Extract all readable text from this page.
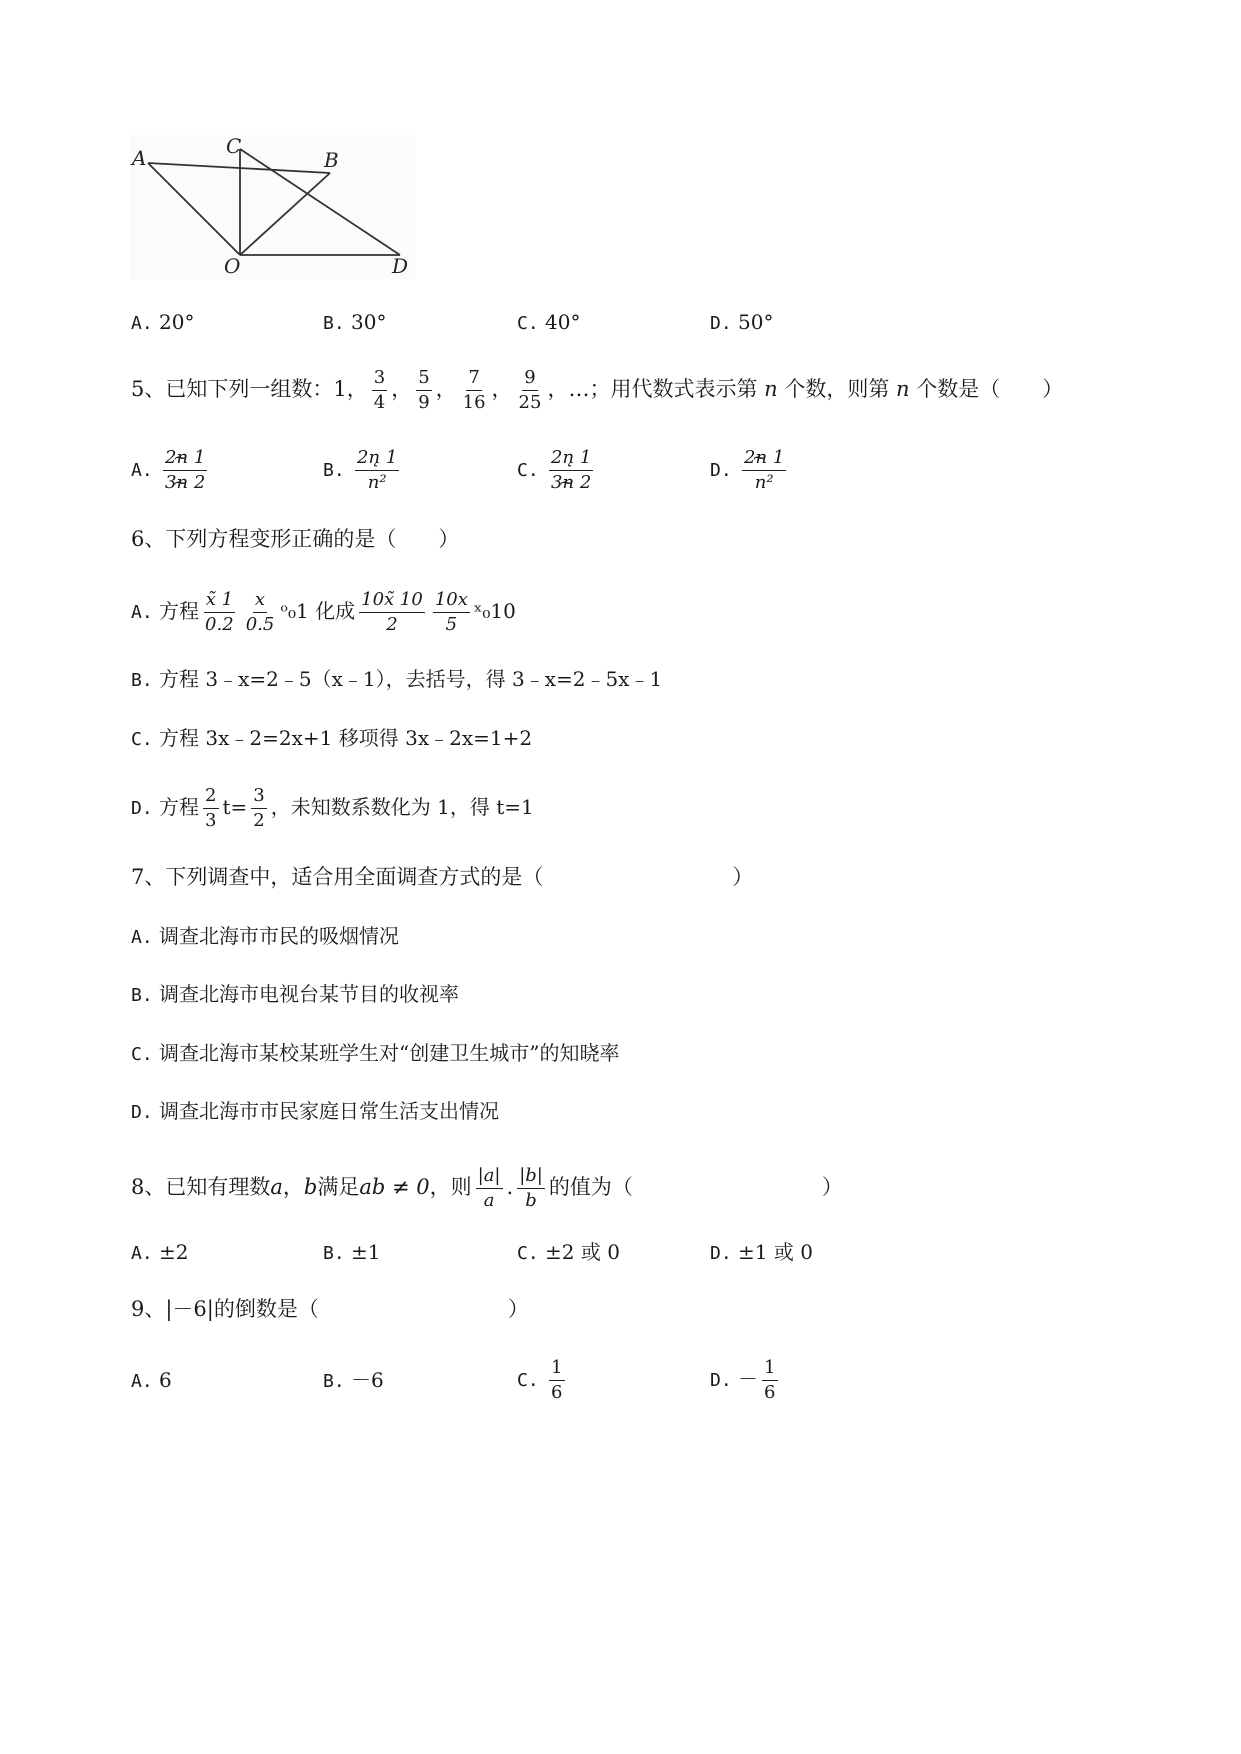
A	C
B
O	D
A. 20°	B. 30°	C. 40°	D. 50°
5、已知下列一组数：1， $\frac{3}{4}$ ， $\frac{5}{9}$ ， $\frac{7}{16}$ ， $\frac{9}{25}$ ，…；用代数式表示第 n 个数，则第 n 个数是（　　）
A. $\frac{2n̴ 1}{3n̴ 2}$	B. $\frac{2n̨ 1}{\text{n²}}$	C. $\frac{2n̨ 1}{3n̴ 2}$	D. $\frac{2n̴ 1}{\text{n²}}$
6、下列方程变形正确的是（　　）
A. 方程 $\frac{x̃ 1}{0.2} \frac{x}{0.5}$ ᵒ₀1 化成 $\frac{10x̃ 10}{2} \frac{10x}{5}$ ˣ₀10
B. 方程 3﹣x=2﹣5（x﹣1），去括号，得 3﹣x=2﹣5x﹣1
C. 方程 3x﹣2=2x+1 移项得 3x﹣2x=1+2
D. 方程 $\frac{2}{3} t= \frac{3}{2}$ ，未知数系数化为 1，得 t=1
7、下列调查中，适合用全面调查方式的是（　　　　　　　　　）
A. 调查北海市市民的吸烟情况
B. 调查北海市电视台某节目的收视率
C. 调查北海市某校某班学生对“创建卫生城市”的知晓率
D. 调查北海市市民家庭日常生活支出情况
8、已知有理数a，b满足ab ≠ 0，则 $\frac{|a|}{a}$ . $\frac{|b|}{b}$ 的值为（　　　　　　　　　）
A. ±2	B. ±1	C. ±2 或 0	D. ±1 或 0
9、|－6|的倒数是（　　　　　　　　　）
A. 6	B. －6	C. $\frac{1}{6}$	D. － $\frac{1}{6}$
